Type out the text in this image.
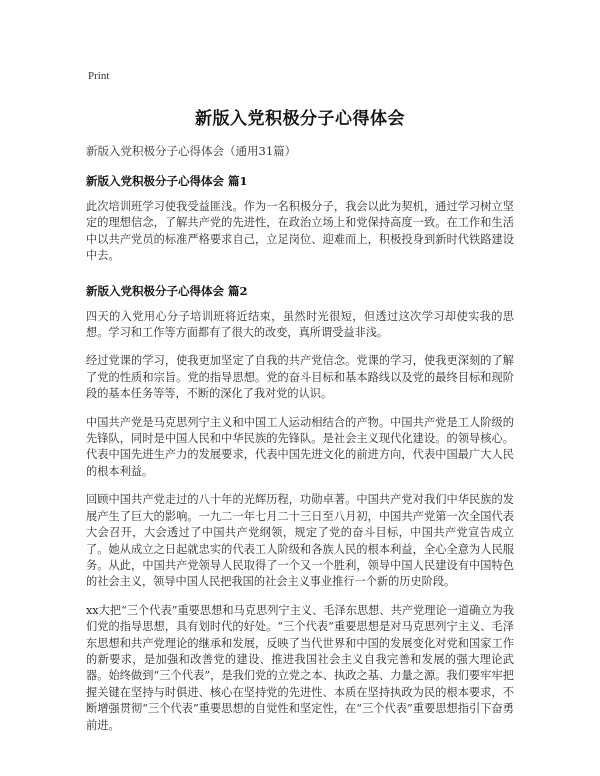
Print
新版入党积极分子心得体会
新版入党积极分子心得体会（通用31篇）
新版入党积极分子心得体会 篇1

此次培训班学习使我受益匪浅。作为一名积极分子，我会以此为契机，通过学习树立坚定的理想信念，了解共产党的先进性，在政治立场上和党保持高度一致。在工作和生活中以共产党员的标准严格要求自己，立足岗位、迎难而上，积极投身到新时代铁路建设中去。

新版入党积极分子心得体会 篇2

四天的入党用心分子培训班将近结束，虽然时光很短，但透过这次学习却使实我的思想。学习和工作等方面都有了很大的改变，真所谓受益非浅。

经过党课的学习，使我更加坚定了自我的共产党信念。党课的学习，使我更深刻的了解了党的性质和宗旨。党的指导思想。党的奋斗目标和基本路线以及党的最终目标和现阶段的基本任务等等，不断的深化了我对党的认识。

中国共产党是马克思列宁主义和中国工人运动相结合的产物。中国共产党是工人阶级的先锋队，同时是中国人民和中华民族的先锋队。是社会主义现代化建设。的领导核心。代表中国先进生产力的发展要求，代表中国先进文化的前进方向，代表中国最广大人民的根本利益。

回顾中国共产党走过的八十年的光辉历程，功勋卓著。中国共产党对我们中华民族的发展产生了巨大的影响。一九二一年七月二十三日至八月初，中国共产党第一次全国代表大会召开，大会透过了中国共产党纲领，规定了党的奋斗目标，中国共产党宣告成立了。她从成立之日起就忠实的代表工人阶级和各族人民的根本利益，全心全意为人民服务。从此，中国共产党领导人民取得了一个又一个胜利，领导中国人民建设有中国特色的社会主义，领导中国人民把我国的社会主义事业推行一个新的历史阶段。

xx大把“三个代表”重要思想和马克思列宁主义、毛泽东思想、共产党理论一道确立为我们党的指导思想，具有划时代的好处。“三个代表”重要思想是对马克思列宁主义、毛泽东思想和共产党理论的继承和发展，反映了当代世界和中国的发展变化对党和国家工作的新要求，是加强和改善党的建设、推进我国社会主义自我完善和发展的强大理论武器。始终做到“三个代表”，是我们党的立党之本、执政之基、力量之源。我们要牢牢把握关键在坚持与时俱进、核心在坚持党的先进性、本质在坚持执政为民的根本要求，不断增强贯彻“三个代表”重要思想的自觉性和坚定性，在“三个代表”重要思想指引下奋勇前进。
